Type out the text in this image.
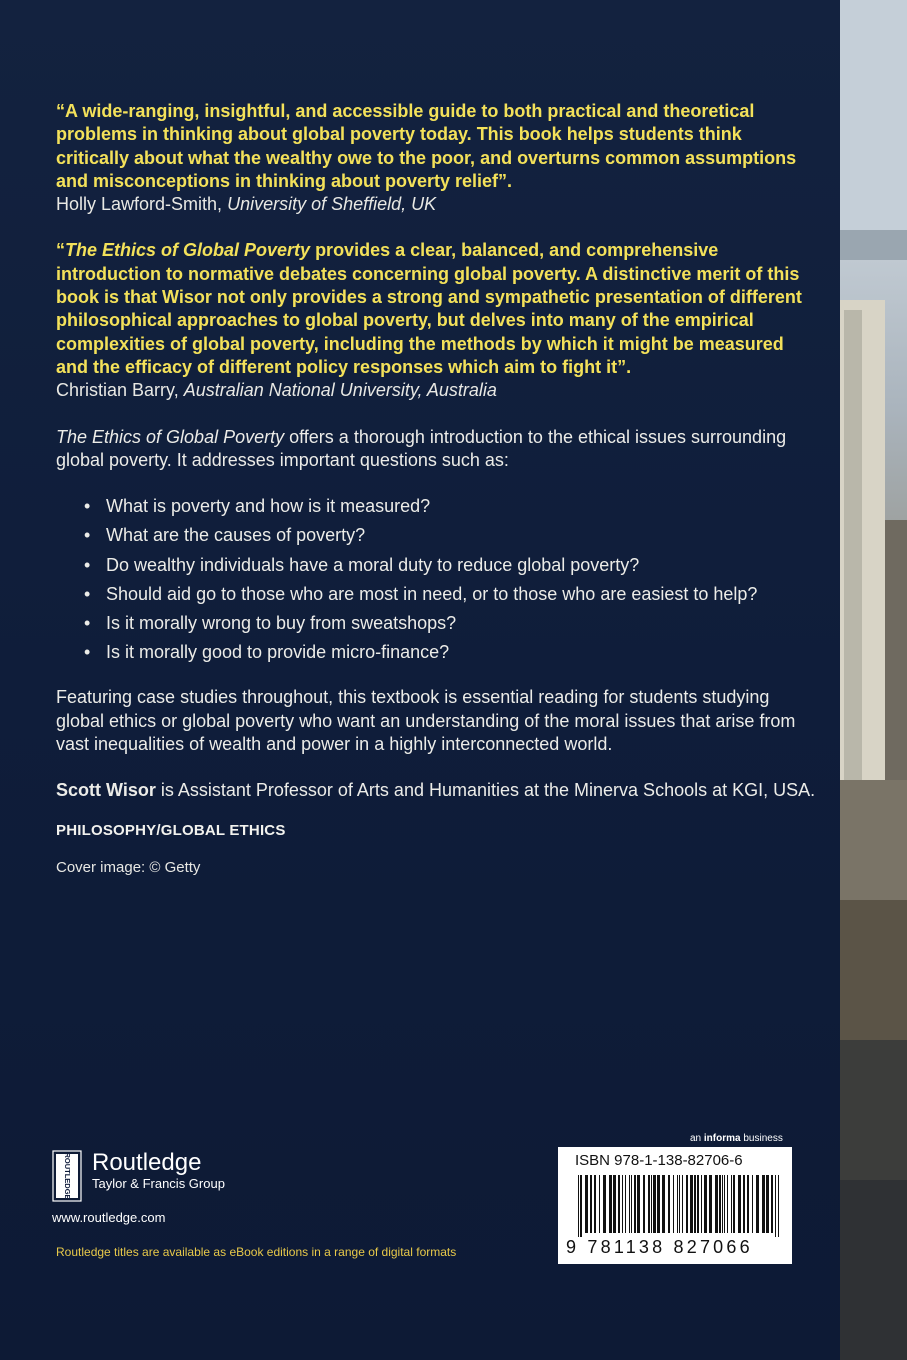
“A wide-ranging, insightful, and accessible guide to both practical and theoretical problems in thinking about global poverty today. This book helps students think critically about what the wealthy owe to the poor, and overturns common assumptions and misconceptions in thinking about poverty relief”.
Holly Lawford-Smith, University of Sheffield, UK

“The Ethics of Global Poverty provides a clear, balanced, and comprehensive introduction to normative debates concerning global poverty. A distinctive merit of this book is that Wisor not only provides a strong and sympathetic presentation of different philosophical approaches to global poverty, but delves into many of the empirical complexities of global poverty, including the methods by which it might be measured and the efficacy of different policy responses which aim to fight it”.
Christian Barry, Australian National University, Australia

The Ethics of Global Poverty offers a thorough introduction to the ethical issues surrounding global poverty. It addresses important questions such as:

• What is poverty and how is it measured?
• What are the causes of poverty?
• Do wealthy individuals have a moral duty to reduce global poverty?
• Should aid go to those who are most in need, or to those who are easiest to help?
• Is it morally wrong to buy from sweatshops?
• Is it morally good to provide micro-finance?

Featuring case studies throughout, this textbook is essential reading for students studying global ethics or global poverty who want an understanding of the moral issues that arise from vast inequalities of wealth and power in a highly interconnected world.

Scott Wisor is Assistant Professor of Arts and Humanities at the Minerva Schools at KGI, USA.

PHILOSOPHY/GLOBAL ETHICS

Cover image: © Getty

ROUTLEDGE Routledge
Taylor & Francis Group
www.routledge.com
Routledge titles are available as eBook editions in a range of digital formats
an informa business
ISBN 978-1-138-82706-6
9 781138 827066
